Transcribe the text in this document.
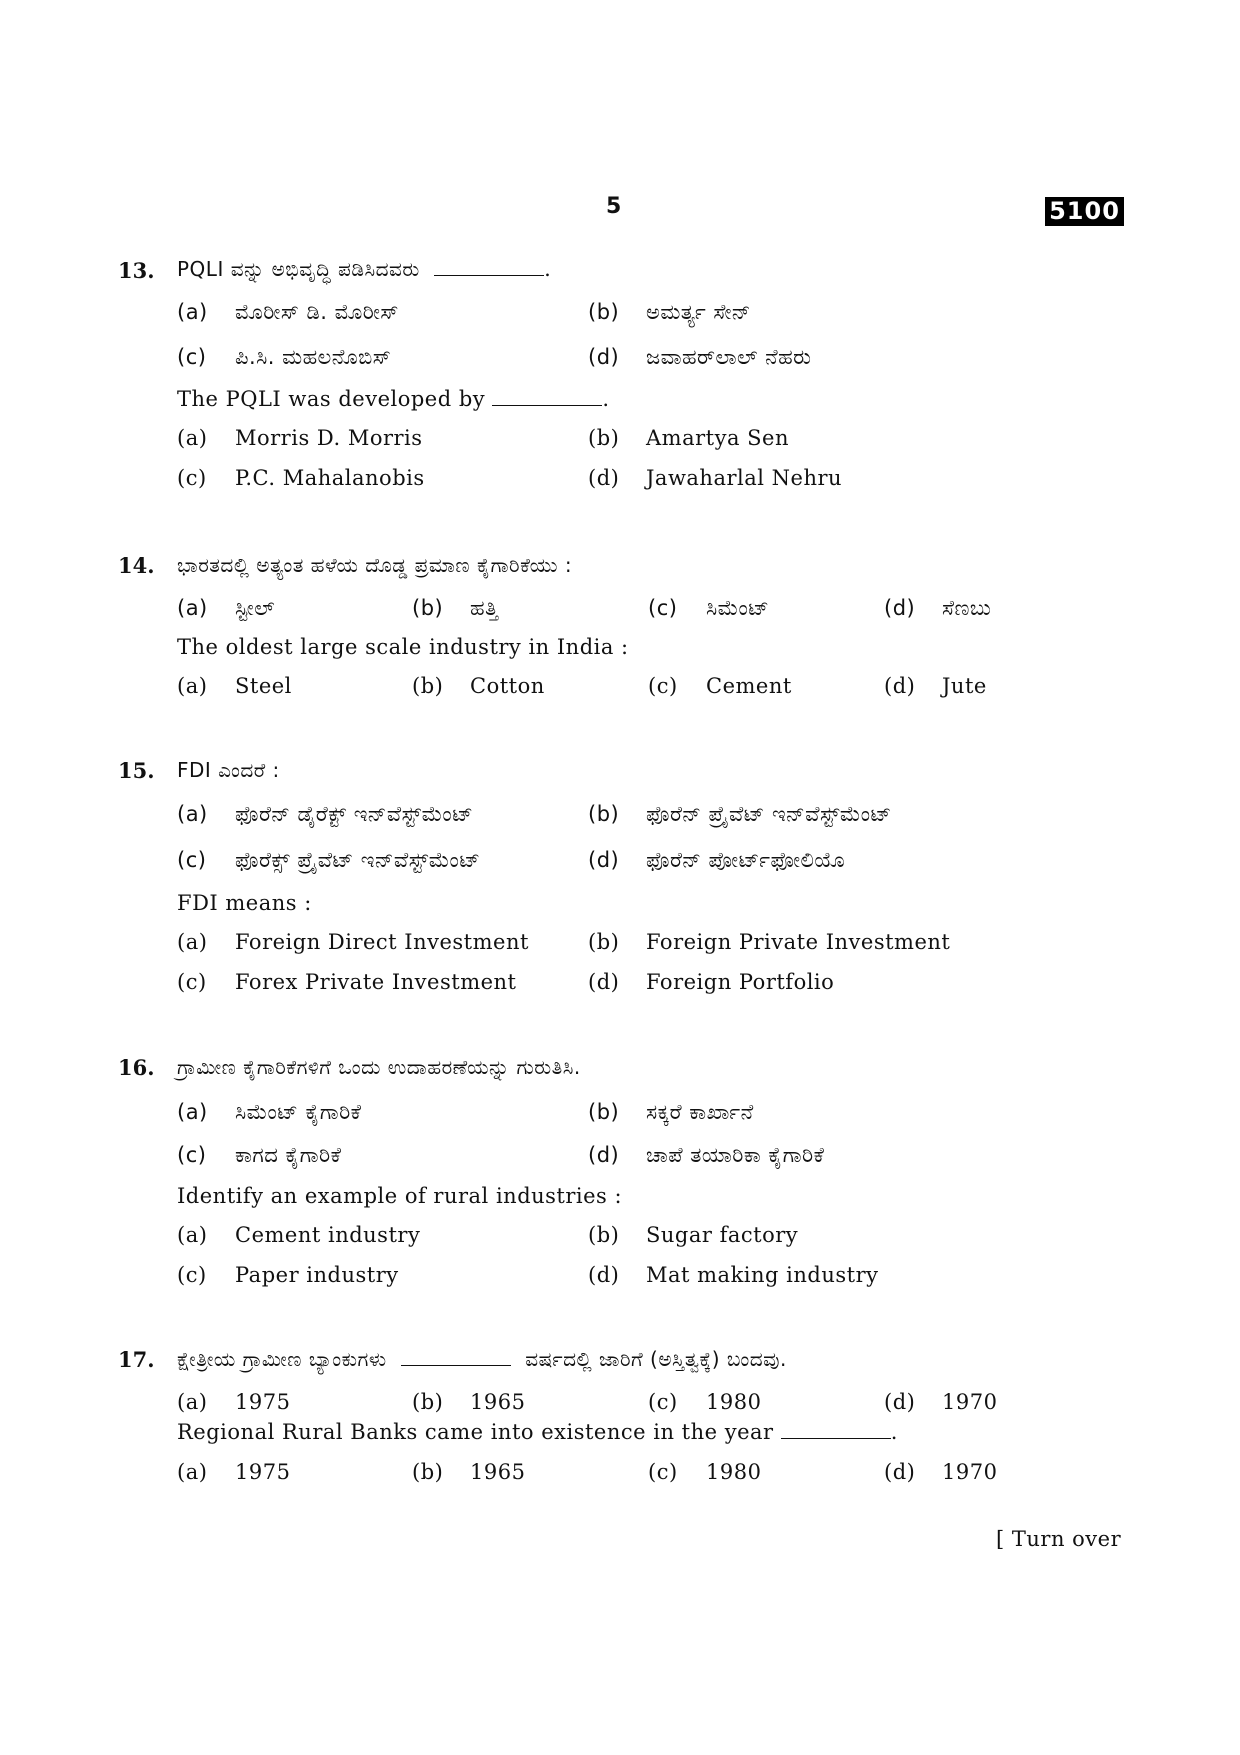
5	5100
13. PQLI ವನ್ನು ಅಭಿವೃದ್ಧಿ ಪಡಿಸಿದವರು	.
(a) ಮೊರೀಸ್ ಡಿ. ಮೊರೀಸ್	(b) ಅಮರ್ತ್ಯ ಸೇನ್
(c) ಪಿ.ಸಿ. ಮಹಲನೊಬಿಸ್	(d) ಜವಾಹರ್‌ಲಾಲ್ ನೆಹರು
The PQLI was developed by	.
(a) Morris D. Morris	(b) Amartya Sen
(c) P.C. Mahalanobis	(d) Jawaharlal Nehru
14. ಭಾರತದಲ್ಲಿ ಅತ್ಯಂತ ಹಳೆಯ ದೊಡ್ಡ ಪ್ರಮಾಣ ಕೈಗಾರಿಕೆಯು :
(a) ಸ್ಟೀಲ್	(b) ಹತ್ತಿ	(c) ಸಿಮೆಂಟ್	(d) ಸೆಣಬು
The oldest large scale industry in India :
(a) Steel	(b) Cotton	(c) Cement	(d) Jute
15. FDI ಎಂದರೆ :
(a) ಫೊರೆನ್ ಡೈರೆಕ್ಟ್ ಇನ್‌ವೆಸ್ಟ್‌ಮೆಂಟ್	(b) ಫೊರೆನ್ ಪ್ರೈವೆಟ್ ಇನ್‌ವೆಸ್ಟ್‌ಮೆಂಟ್
(c) ಫೊರೆಕ್ಸ್ ಪ್ರೈವೆಟ್ ಇನ್‌ವೆಸ್ಟ್‌ಮೆಂಟ್	(d) ಫೊರೆನ್ ಪೋರ್ಟ್‌ಫೋಲಿಯೊ
FDI means :
(a) Foreign Direct Investment	(b) Foreign Private Investment
(c) Forex Private Investment	(d) Foreign Portfolio
16. ಗ್ರಾಮೀಣ ಕೈಗಾರಿಕೆಗಳಿಗೆ ಒಂದು ಉದಾಹರಣೆಯನ್ನು ಗುರುತಿಸಿ.
(a) ಸಿಮೆಂಟ್ ಕೈಗಾರಿಕೆ	(b) ಸಕ್ಕರೆ ಕಾರ್ಖಾನೆ
(c) ಕಾಗದ ಕೈಗಾರಿಕೆ	(d) ಚಾಪೆ ತಯಾರಿಕಾ ಕೈಗಾರಿಕೆ
Identify an example of rural industries :
(a) Cement industry	(b) Sugar factory
(c) Paper industry	(d) Mat making industry
17. ಕ್ಷೇತ್ರೀಯ ಗ್ರಾಮೀಣ ಬ್ಯಾಂಕುಗಳು	ವರ್ಷದಲ್ಲಿ ಜಾರಿಗೆ (ಅಸ್ತಿತ್ವಕ್ಕೆ) ಬಂದವು.
(a) 1975	(b) 1965	(c) 1980	(d) 1970
Regional Rural Banks came into existence in the year	.
(a) 1975	(b) 1965	(c) 1980	(d) 1970
[ Turn over
